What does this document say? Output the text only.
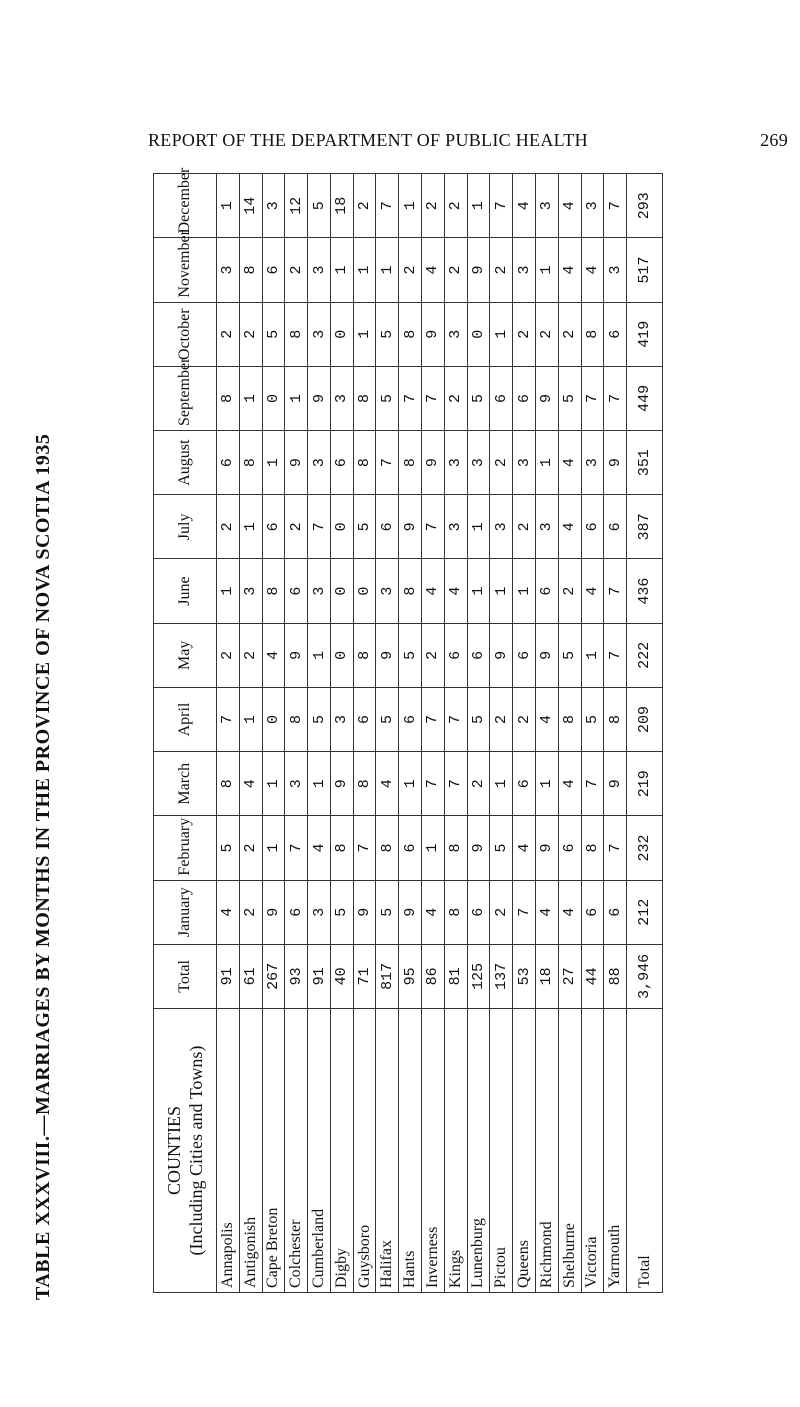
REPORT OF THE DEPARTMENT OF PUBLIC HEALTH	269
TABLE XXXVIII.—MARRIAGES BY MONTHS IN THE PROVINCE OF NOVA SCOTIA 1935	COUNTIES (Including Cities and Towns)	Total	January	February	March	April	May	June	July	August	September	October	November	December
Annapolis	91	4	5	8	7	2	1	2	6	8	2	3	1
Antigonish	61	2	2	4	1	2	3	1	8	1	2	8	14
Cape Breton	267	9	1	1	0	4	8	6	1	0	5	6	3
Colchester	93	6	7	3	8	9	6	2	9	1	8	2	12
Cumberland	91	3	4	1	5	1	3	7	3	9	3	3	5
Digby	40	5	8	9	3	0	0	0	6	3	0	1	18
Guysboro	71	9	7	8	6	8	0	5	8	8	1	1	2
Halifax	817	5	8	4	5	9	3	6	7	5	5	1	7
Hants	95	9	6	1	6	5	8	9	8	7	8	2	1
Inverness	86	4	1	7	7	2	4	7	9	7	9	4	2
Kings	81	8	8	7	7	6	4	3	3	2	3	2	2
Lunenburg	125	6	9	2	5	6	1	1	3	5	0	9	1
Pictou	137	2	5	1	2	9	1	3	2	6	1	2	7
Queens	53	7	4	6	2	6	1	2	3	6	2	3	4
Richmond	18	4	9	1	4	9	6	3	1	9	2	1	3
Shelburne	27	4	6	4	8	5	2	4	4	5	2	4	4
Victoria	44	6	8	7	5	1	4	6	3	7	8	4	3
Yarmouth	88	6	7	9	8	7	7	6	9	7	6	3	7
Total	3,946	212	232	219	209	222	436	387	351	449	419	517	293
